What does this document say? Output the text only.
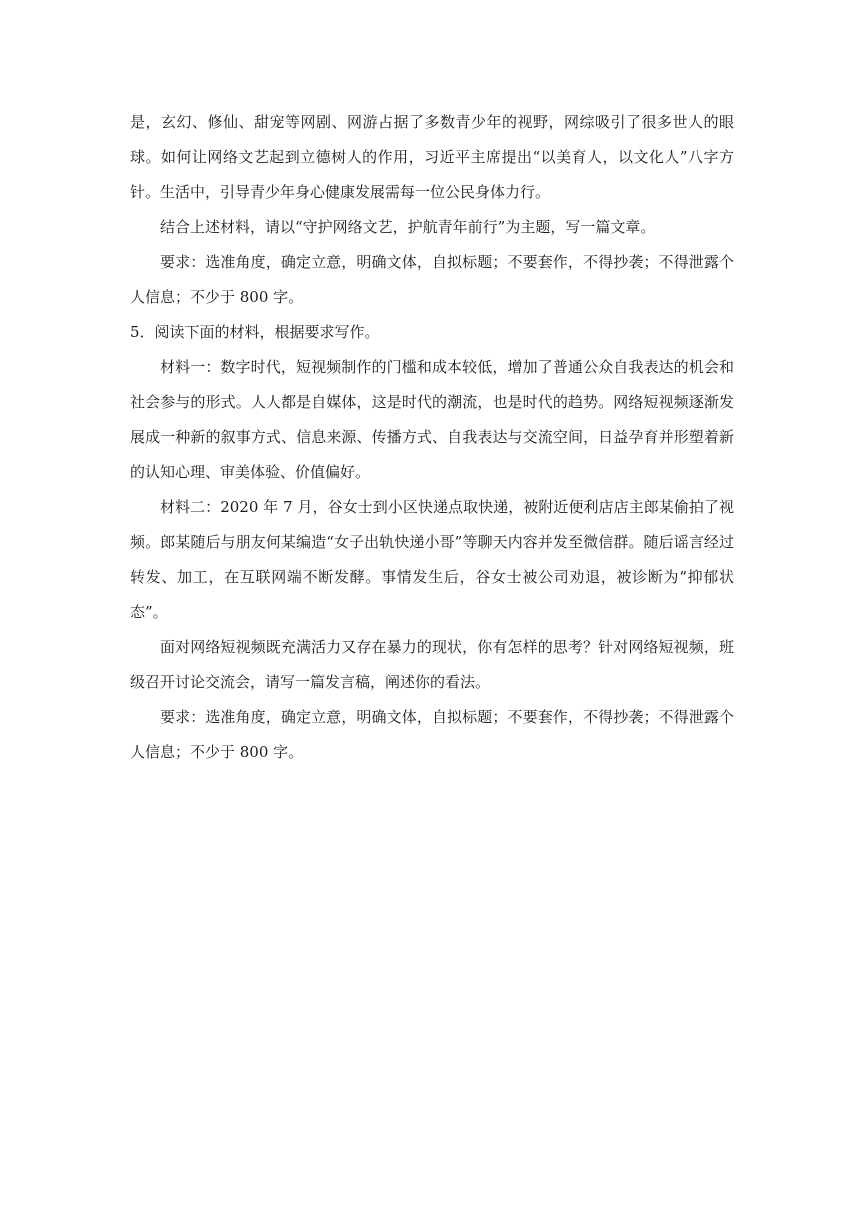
是，玄幻、修仙、甜宠等网剧、网游占据了多数青少年的视野，网综吸引了很多世人的眼球。如何让网络文艺起到立德树人的作用，习近平主席提出“以美育人，以文化人”八字方针。生活中，引导青少年身心健康发展需每一位公民身体力行。

结合上述材料，请以“守护网络文艺，护航青年前行”为主题，写一篇文章。

要求：选准角度，确定立意，明确文体，自拟标题；不要套作，不得抄袭；不得泄露个人信息；不少于 800 字。

5．阅读下面的材料，根据要求写作。

材料一：数字时代，短视频制作的门槛和成本较低，增加了普通公众自我表达的机会和社会参与的形式。人人都是自媒体，这是时代的潮流，也是时代的趋势。网络短视频逐渐发展成一种新的叙事方式、信息来源、传播方式、自我表达与交流空间，日益孕育并形塑着新的认知心理、审美体验、价值偏好。

材料二：2020 年 7 月，谷女士到小区快递点取快递，被附近便利店店主郎某偷拍了视频。郎某随后与朋友何某编造“女子出轨快递小哥”等聊天内容并发至微信群。随后谣言经过转发、加工，在互联网端不断发酵。事情发生后，谷女士被公司劝退，被诊断为“抑郁状态”。

面对网络短视频既充满活力又存在暴力的现状，你有怎样的思考？针对网络短视频，班级召开讨论交流会，请写一篇发言稿，阐述你的看法。

要求：选准角度，确定立意，明确文体，自拟标题；不要套作，不得抄袭；不得泄露个人信息；不少于 800 字。
